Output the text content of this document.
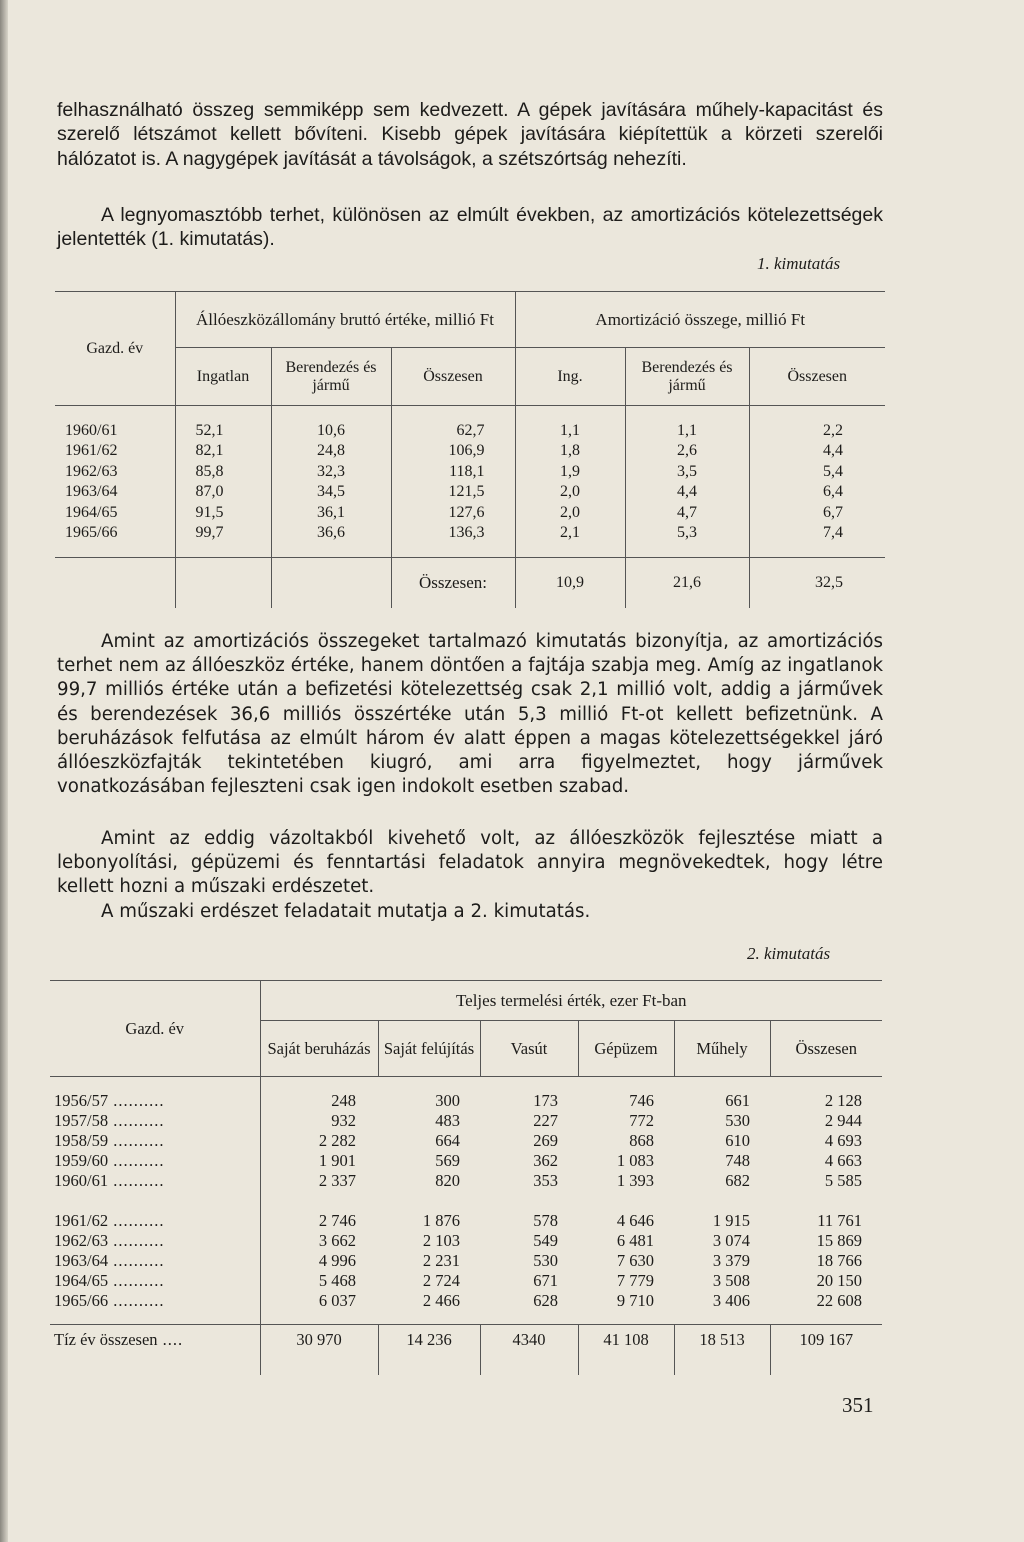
felhasználható összeg semmiképp sem kedvezett. A gépek javítására műhely-kapacitást és szerelő létszámot kellett bővíteni. Kisebb gépek javítására kiépítettük a körzeti szerelői hálózatot is. A nagygépek javítását a távolságok, a szétszórtság nehezíti.

A legnyomasztóbb terhet, különösen az elmúlt években, az amortizációs kötelezettségek jelentették (1. kimutatás).

1. kimutatás
Gazd. év	Állóeszközállomány bruttó értéke, millió Ft			Amortizáció összege, millió Ft		
	Ingatlan	Berendezés és jármű	Összesen	Ing.	Berendezés és jármű	Összesen

1960/61	52,1	10,6	62,7	1,1	1,1	2,2
1961/62	82,1	24,8	106,9	1,8	2,6	4,4
1962/63	85,8	32,3	118,1	1,9	3,5	5,4
1963/64	87,0	34,5	121,5	2,0	4,4	6,4
1964/65	91,5	36,1	127,6	2,0	4,7	6,7
1965/66	99,7	36,6	136,3	2,1	5,3	7,4

			Összesen:	10,9	21,6	32,5

Amint az amortizációs összegeket tartalmazó kimutatás bizonyítja, az amortizációs terhet nem az állóeszköz értéke, hanem döntően a fajtája szabja meg. Amíg az ingatlanok 99,7 milliós értéke után a befizetési kötelezettség csak 2,1 millió volt, addig a járművek és berendezések 36,6 milliós összértéke után 5,3 millió Ft-ot kellett befizetnünk. A beruházások felfutása az elmúlt három év alatt éppen a magas kötelezettségekkel járó állóeszközfajták tekintetében kiugró, ami arra figyelmeztet, hogy járművek vonatkozásában fejleszteni csak igen indokolt esetben szabad.

Amint az eddig vázoltakból kivehető volt, az állóeszközök fejlesztése miatt a lebonyolítási, gépüzemi és fenntartási feladatok annyira megnövekedtek, hogy létre kellett hozni a műszaki erdészetet.

A műszaki erdészet feladatait mutatja a 2. kimutatás.

2. kimutatás
Gazd. év	Teljes termelési érték, ezer Ft-ban					
	Saját beruházás	Saját felújítás	Vasút	Gépüzem	Műhely	Összesen

1956/57 ..........	248	300	173	746	661	2 128
1957/58 ..........	932	483	227	772	530	2 944
1958/59 ..........	2 282	664	269	868	610	4 693
1959/60 ..........	1 901	569	362	1 083	748	4 663
1960/61 ..........	2 337	820	353	1 393	682	5 585

1961/62 ..........	2 746	1 876	578	4 646	1 915	11 761
1962/63 ..........	3 662	2 103	549	6 481	3 074	15 869
1963/64 ..........	4 996	2 231	530	7 630	3 379	18 766
1964/65 ..........	5 468	2 724	671	7 779	3 508	20 150
1965/66 ..........	6 037	2 466	628	9 710	3 406	22 608

Tíz év összesen ....	30 970	14 236	4340	41 108	18 513	109 167

351
